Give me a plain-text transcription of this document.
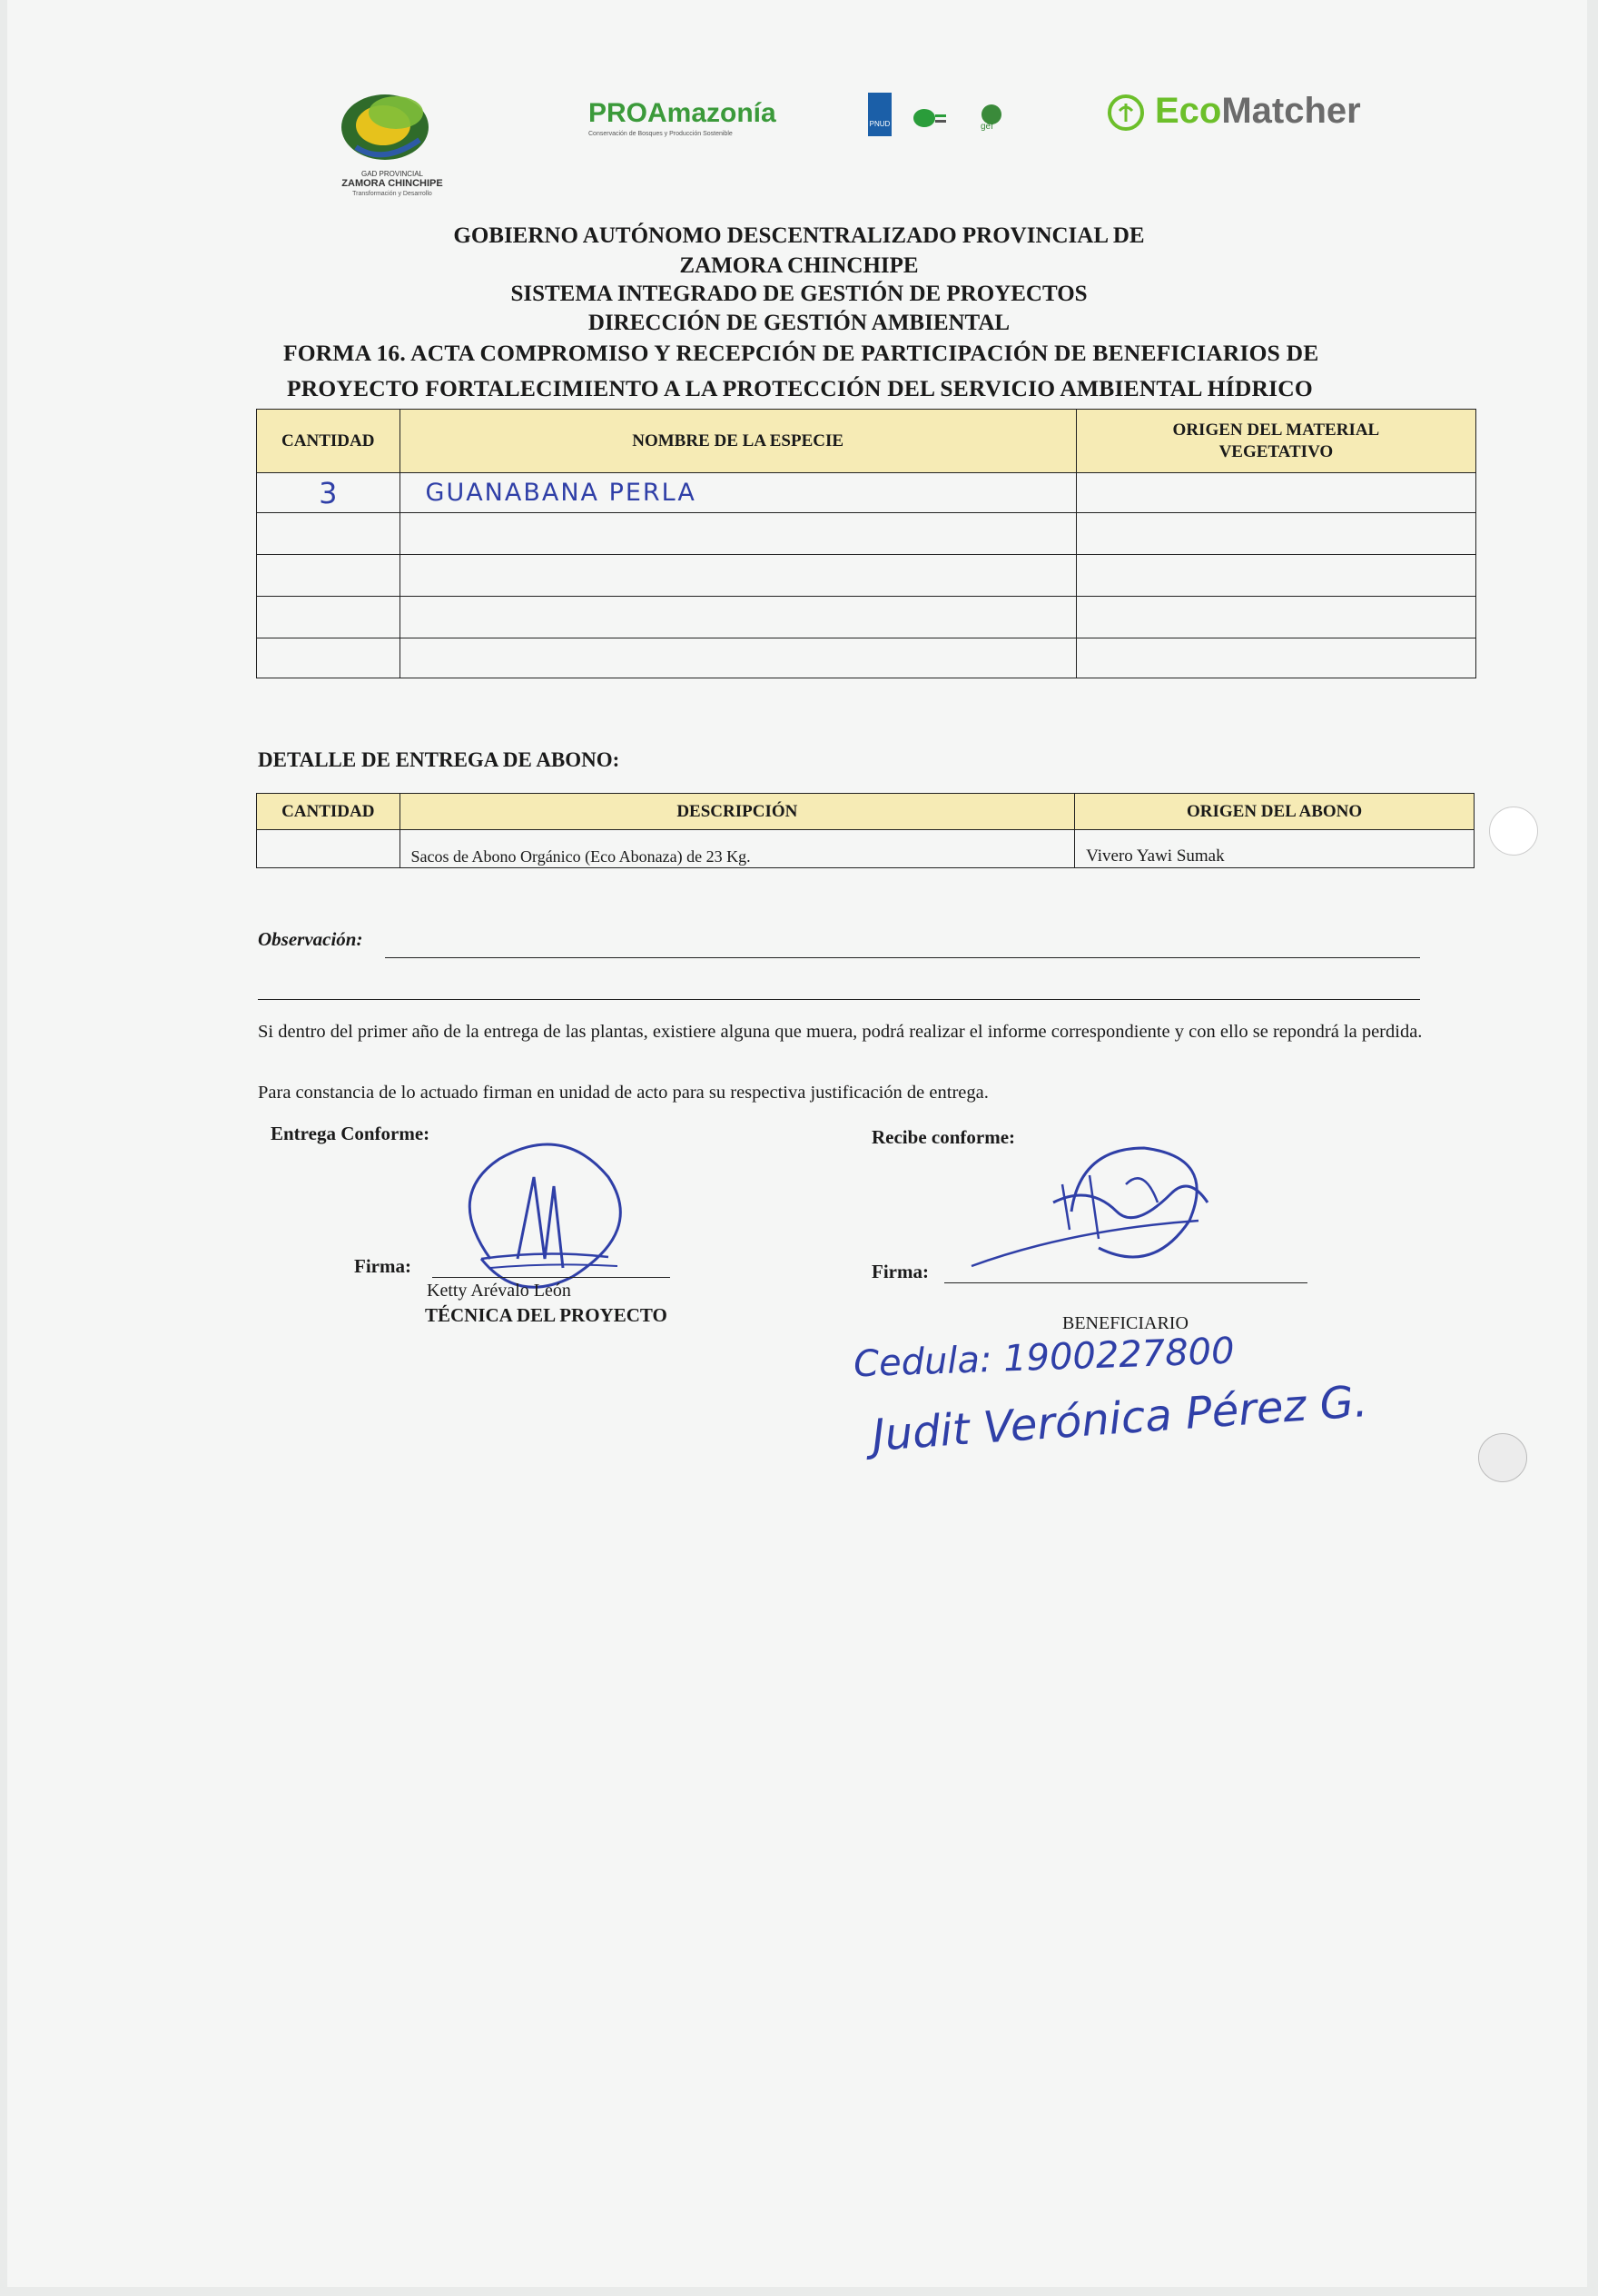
GAD PROVINCIAL
ZAMORA CHINCHIPE
Transformación y Desarrollo
PROAmazonía
Conservación de Bosques y Producción Sostenible
PNUD	gef	EcoMatcher
GOBIERNO AUTÓNOMO DESCENTRALIZADO PROVINCIAL DE
ZAMORA CHINCHIPE
SISTEMA INTEGRADO DE GESTIÓN DE PROYECTOS
DIRECCIÓN DE GESTIÓN AMBIENTAL
FORMA 16. ACTA COMPROMISO Y RECEPCIÓN DE PARTICIPACIÓN DE BENEFICIARIOS DE
PROYECTO FORTALECIMIENTO A LA PROTECCIÓN DEL SERVICIO AMBIENTAL HÍDRICO
CANTIDAD	NOMBRE DE LA ESPECIE	ORIGEN DEL MATERIAL
VEGETATIVO
3	GUANABANA PERLA	

DETALLE DE ENTREGA DE ABONO:
CANTIDAD	DESCRIPCIÓN	ORIGEN DEL ABONO
	Sacos de Abono Orgánico (Eco Abonaza) de 23 Kg.	Vivero Yawi Sumak
Observación:
Si dentro del primer año de la entrega de las plantas, existiere alguna que muera, podrá realizar el informe correspondiente y con ello se repondrá la perdida.
Para constancia de lo actuado firman en unidad de acto para su respectiva justificación de entrega.
Entrega Conforme:	Recibe conforme:
Firma:	Firma:
Ketty Arévalo León
TÉCNICA DEL PROYECTO	BENEFICIARIO
Cedula: 1900227800
Judit Verónica Pérez G.
